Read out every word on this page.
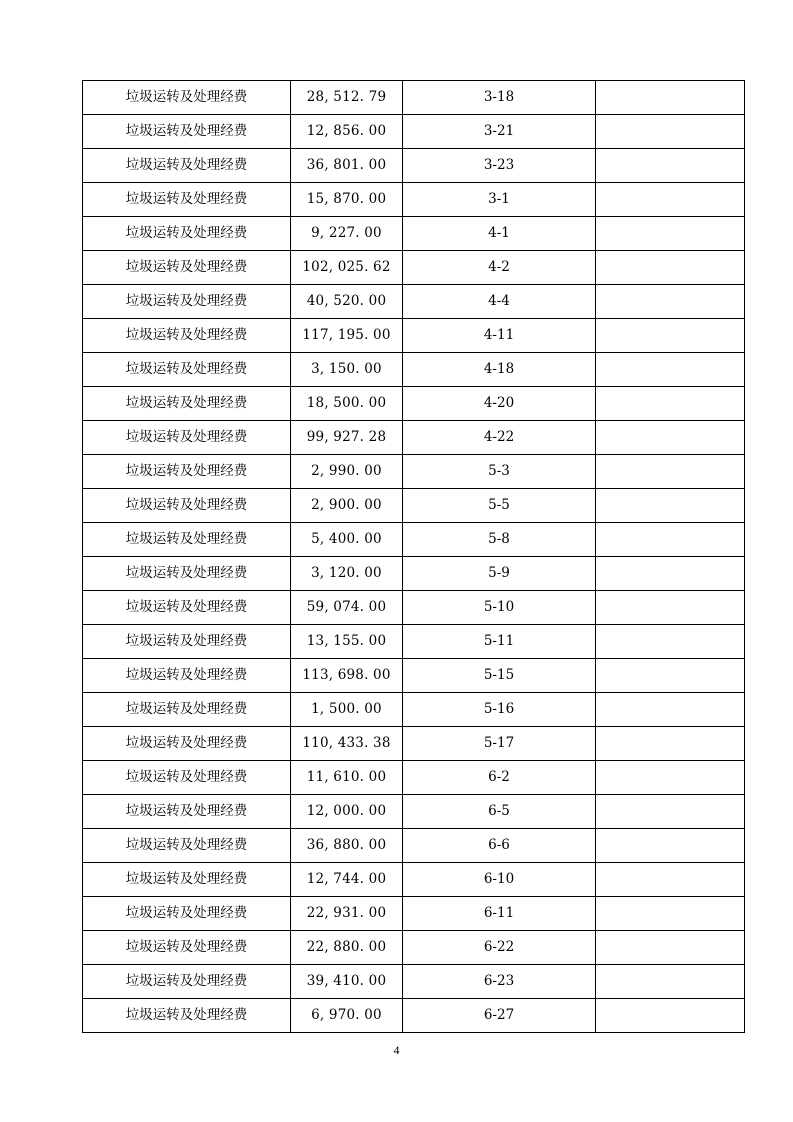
垃圾运转及处理经费	28, 512. 79	3-18	
垃圾运转及处理经费	12, 856. 00	3-21	
垃圾运转及处理经费	36, 801. 00	3-23	
垃圾运转及处理经费	15, 870. 00	3-1	
垃圾运转及处理经费	9, 227. 00	4-1	
垃圾运转及处理经费	102, 025. 62	4-2	
垃圾运转及处理经费	40, 520. 00	4-4	
垃圾运转及处理经费	117, 195. 00	4-11	
垃圾运转及处理经费	3, 150. 00	4-18	
垃圾运转及处理经费	18, 500. 00	4-20	
垃圾运转及处理经费	99, 927. 28	4-22	
垃圾运转及处理经费	2, 990. 00	5-3	
垃圾运转及处理经费	2, 900. 00	5-5	
垃圾运转及处理经费	5, 400. 00	5-8	
垃圾运转及处理经费	3, 120. 00	5-9	
垃圾运转及处理经费	59, 074. 00	5-10	
垃圾运转及处理经费	13, 155. 00	5-11	
垃圾运转及处理经费	113, 698. 00	5-15	
垃圾运转及处理经费	1, 500. 00	5-16	
垃圾运转及处理经费	110, 433. 38	5-17	
垃圾运转及处理经费	11, 610. 00	6-2	
垃圾运转及处理经费	12, 000. 00	6-5	
垃圾运转及处理经费	36, 880. 00	6-6	
垃圾运转及处理经费	12, 744. 00	6-10	
垃圾运转及处理经费	22, 931. 00	6-11	
垃圾运转及处理经费	22, 880. 00	6-22	
垃圾运转及处理经费	39, 410. 00	6-23	
垃圾运转及处理经费	6, 970. 00	6-27	
4
